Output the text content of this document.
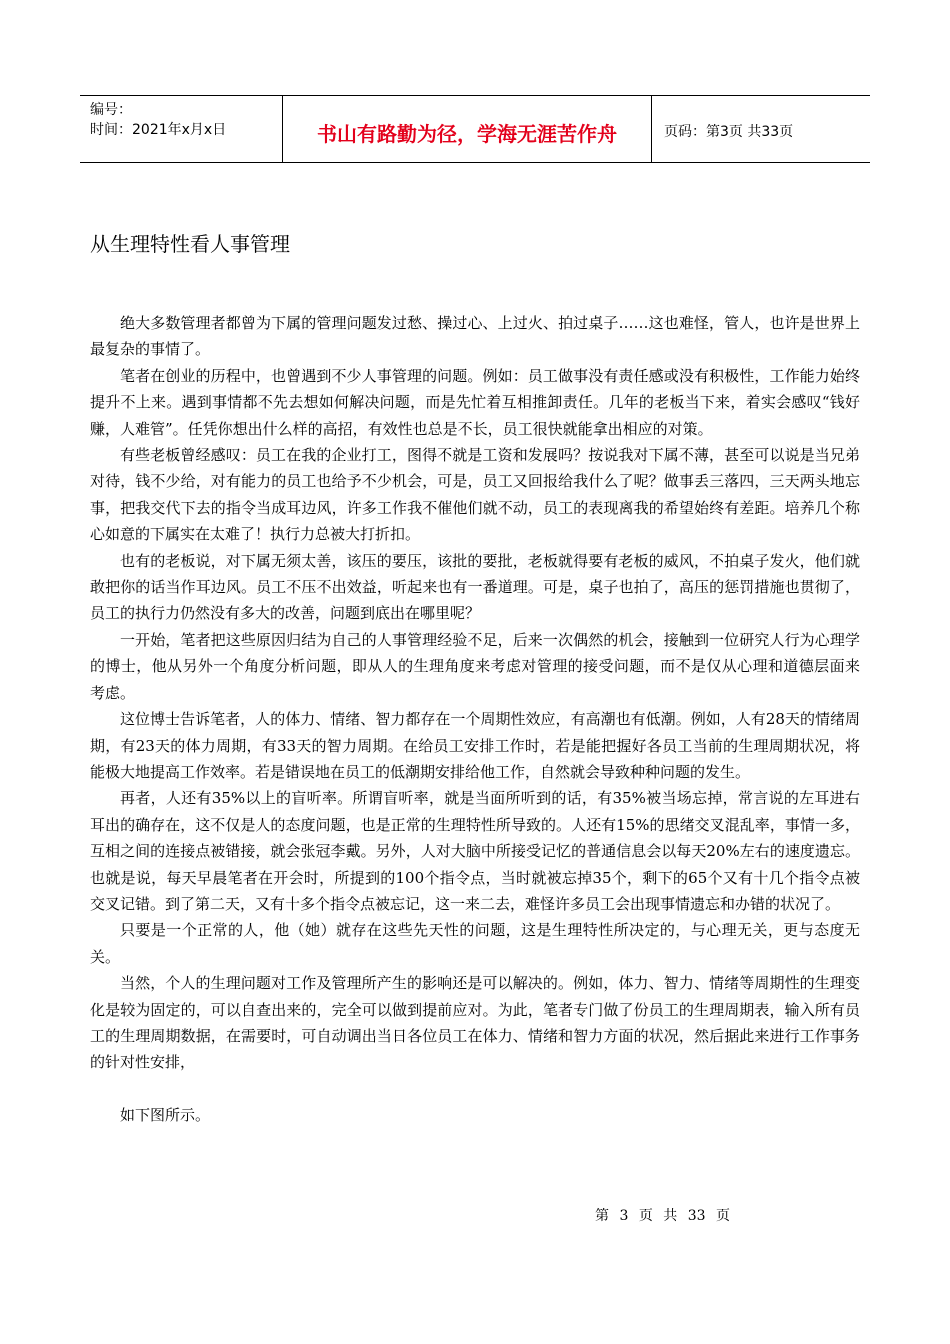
编号：
时间：2021年x月x日	书山有路勤为径，学海无涯苦作舟	页码：第3页 共33页
从生理特性看人事管理

绝大多数管理者都曾为下属的管理问题发过愁、操过心、上过火、拍过桌子……这也难怪，管人，也许是世界上最复杂的事情了。

笔者在创业的历程中，也曾遇到不少人事管理的问题。例如：员工做事没有责任感或没有积极性，工作能力始终提升不上来。遇到事情都不先去想如何解决问题，而是先忙着互相推卸责任。几年的老板当下来，着实会感叹“钱好赚，人难管”。任凭你想出什么样的高招，有效性也总是不长，员工很快就能拿出相应的对策。

有些老板曾经感叹：员工在我的企业打工，图得不就是工资和发展吗？按说我对下属不薄，甚至可以说是当兄弟对待，钱不少给，对有能力的员工也给予不少机会，可是，员工又回报给我什么了呢？做事丢三落四，三天两头地忘事，把我交代下去的指令当成耳边风，许多工作我不催他们就不动，员工的表现离我的希望始终有差距。培养几个称心如意的下属实在太难了！执行力总被大打折扣。

也有的老板说，对下属无须太善，该压的要压，该批的要批，老板就得要有老板的威风，不拍桌子发火，他们就敢把你的话当作耳边风。员工不压不出效益，听起来也有一番道理。可是，桌子也拍了，高压的惩罚措施也贯彻了，员工的执行力仍然没有多大的改善，问题到底出在哪里呢？

一开始，笔者把这些原因归结为自己的人事管理经验不足，后来一次偶然的机会，接触到一位研究人行为心理学的博士，他从另外一个角度分析问题，即从人的生理角度来考虑对管理的接受问题，而不是仅从心理和道德层面来　　考虑。

这位博士告诉笔者，人的体力、情绪、智力都存在一个周期性效应，有高潮也有低潮。例如，人有28天的情绪周期，有23天的体力周期，有33天的智力周期。在给员工安排工作时，若是能把握好各员工当前的生理周期状况，将能极大地提高工作效率。若是错误地在员工的低潮期安排给他工作，自然就会导致种种问题的发生。

再者，人还有35%以上的盲听率。所谓盲听率，就是当面所听到的话，有35%被当场忘掉，常言说的左耳进右耳出的确存在，这不仅是人的态度问题，也是正常的生理特性所导致的。人还有15%的思绪交叉混乱率，事情一多，互相之间的连接点被错接，就会张冠李戴。另外，人对大脑中所接受记忆的普通信息会以每天20%左右的速度遗忘。也就是说，每天早晨笔者在开会时，所提到的100个指令点，当时就被忘掉35个，剩下的65个又有十几个指令点被交叉记错。到了第二天，又有十多个指令点被忘记，这一来二去，难怪许多员工会出现事情遗忘和办错的状况了。

只要是一个正常的人，他（她）就存在这些先天性的问题，这是生理特性所决定的，与心理无关，更与态度无关。

当然，个人的生理问题对工作及管理所产生的影响还是可以解决的。例如，体力、智力、情绪等周期性的生理变化是较为固定的，可以自查出来的，完全可以做到提前应对。为此，笔者专门做了份员工的生理周期表，输入所有员工的生理周期数据，在需要时，可自动调出当日各位员工在体力、情绪和智力方面的状况，然后据此来进行工作事务的针对性安排，

如下图所示。

第 3 页 共 33 页
